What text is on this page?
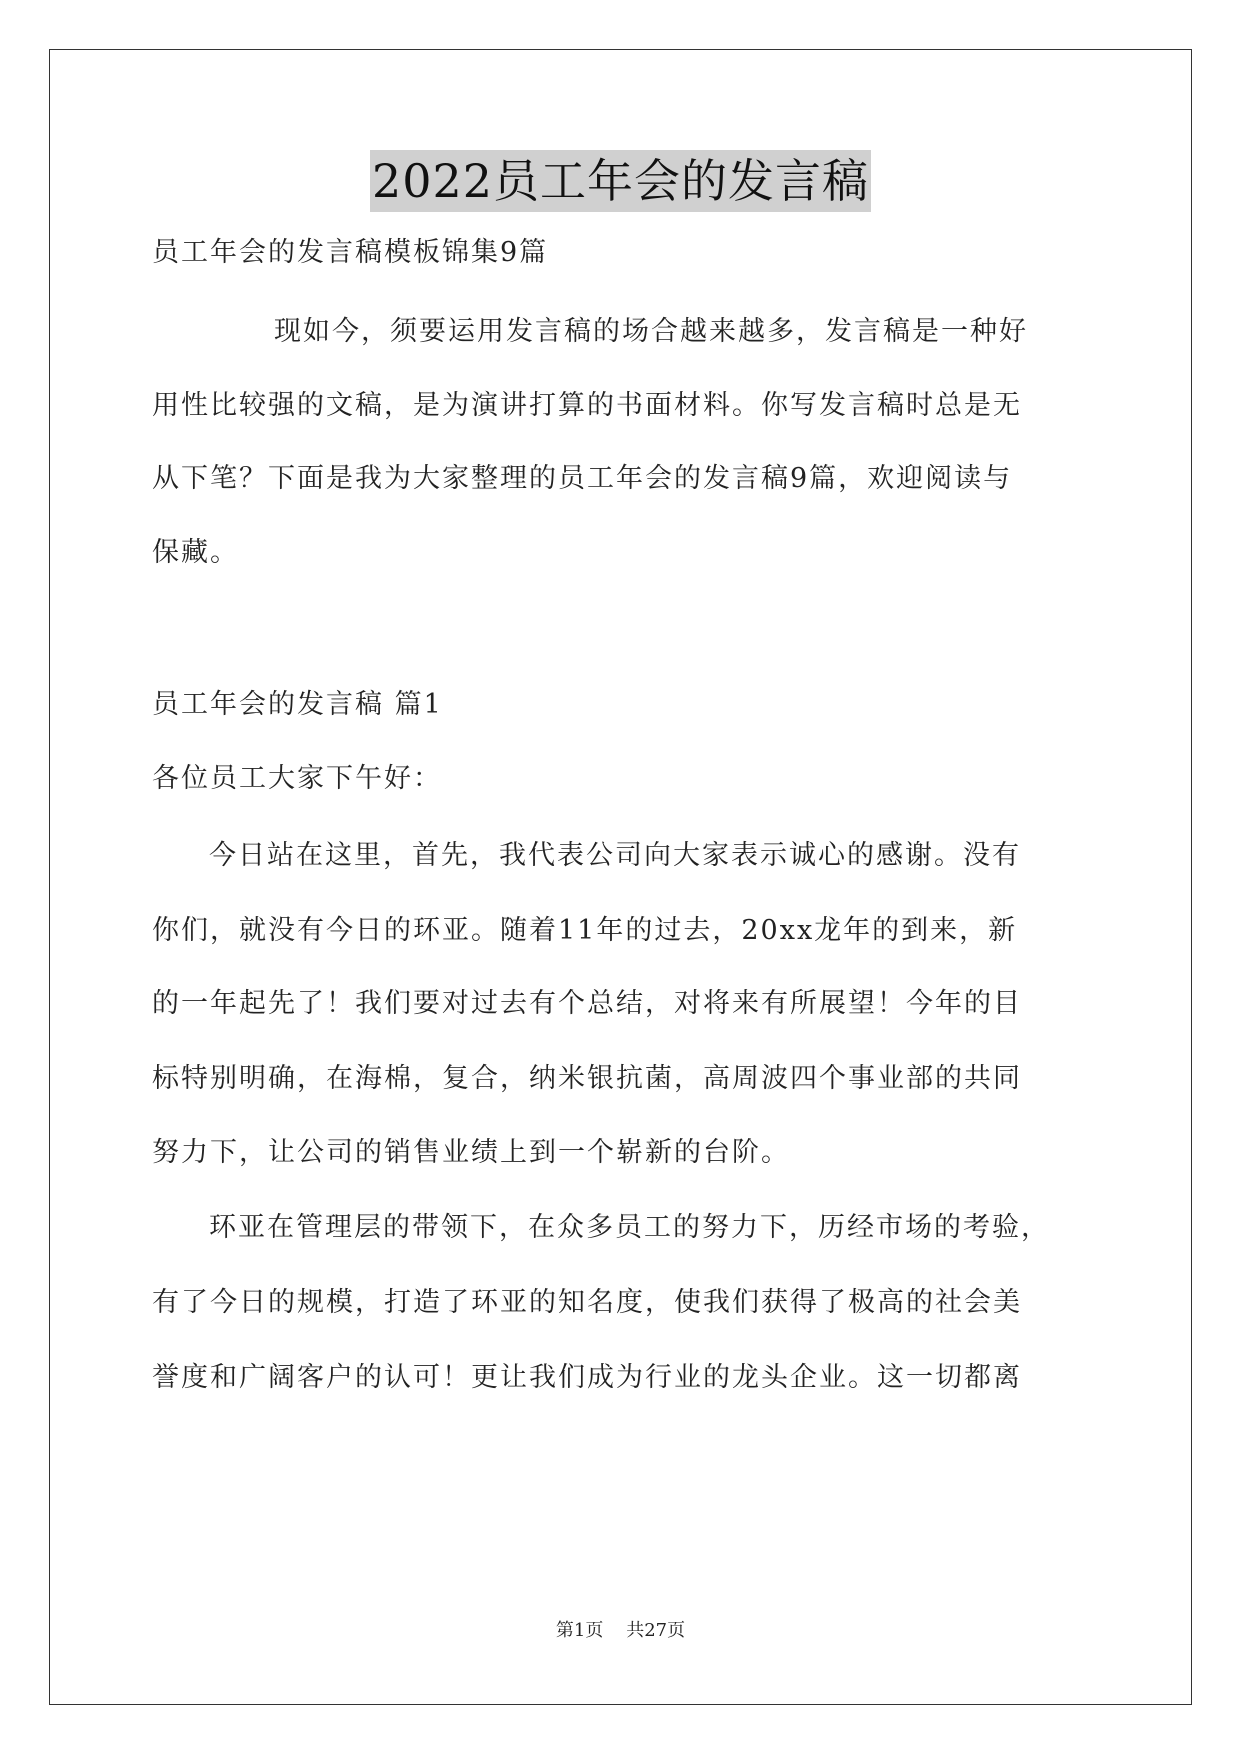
2022员工年会的发言稿
员工年会的发言稿模板锦集9篇
现如今，须要运用发言稿的场合越来越多，发言稿是一种好
用性比较强的文稿，是为演讲打算的书面材料。你写发言稿时总是无
从下笔？下面是我为大家整理的员工年会的发言稿9篇，欢迎阅读与
保藏。
员工年会的发言稿 篇1
各位员工大家下午好：
今日站在这里，首先，我代表公司向大家表示诚心的感谢。没有
你们，就没有今日的环亚。随着11年的过去，20xx龙年的到来，新
的一年起先了！我们要对过去有个总结，对将来有所展望！今年的目
标特别明确，在海棉，复合，纳米银抗菌，高周波四个事业部的共同
努力下，让公司的销售业绩上到一个崭新的台阶。
环亚在管理层的带领下，在众多员工的努力下，历经市场的考验，
有了今日的规模，打造了环亚的知名度，使我们获得了极高的社会美
誉度和广阔客户的认可！更让我们成为行业的龙头企业。这一切都离
第1页 共27页
